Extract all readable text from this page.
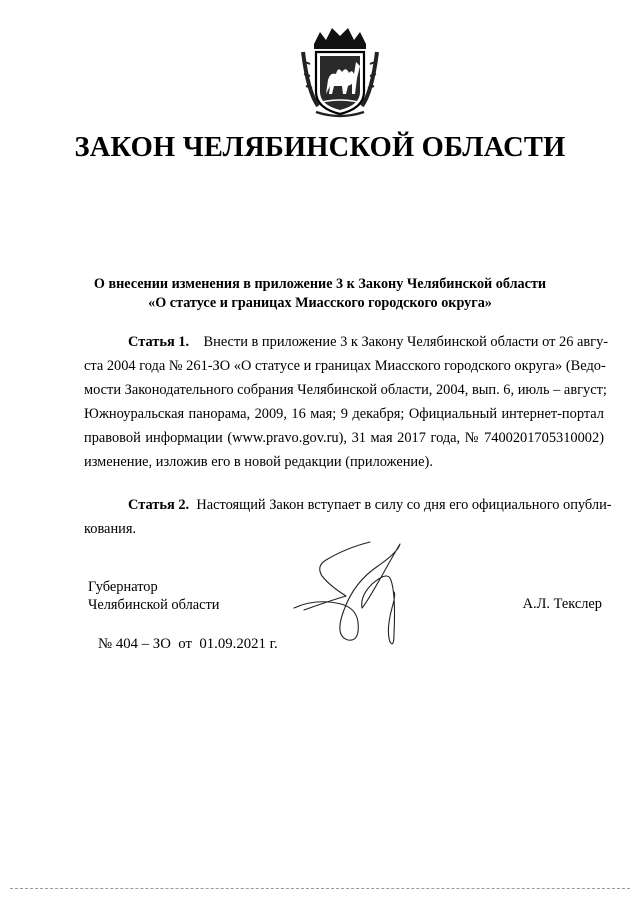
ЗАКОН ЧЕЛЯБИНСКОЙ ОБЛАСТИ
О внесении изменения в приложение 3 к Закону Челябинской области
«О статусе и границах Миасского городского округа»
Статья 1. Внести в приложение 3 к Закону Челябинской области от 26 авгу-
ста 2004 года № 261-ЗО «О статусе и границах Миасского городского округа» (Ведо-
мости Законодательного собрания Челябинской области, 2004, вып. 6, июль – август;
Южноуральская панорама, 2009, 16 мая; 9 декабря; Официальный интернет-портал
правовой информации (www.pravo.gov.ru), 31 мая 2017 года, № 7400201705310002)
изменение, изложив его в новой редакции (приложение).
Статья 2. Настоящий Закон вступает в силу со дня его официального опубли-
кования.
Губернатор
Челябинской области	А.Л. Текслер
№ 404 – ЗО  от  01.09.2021 г.
